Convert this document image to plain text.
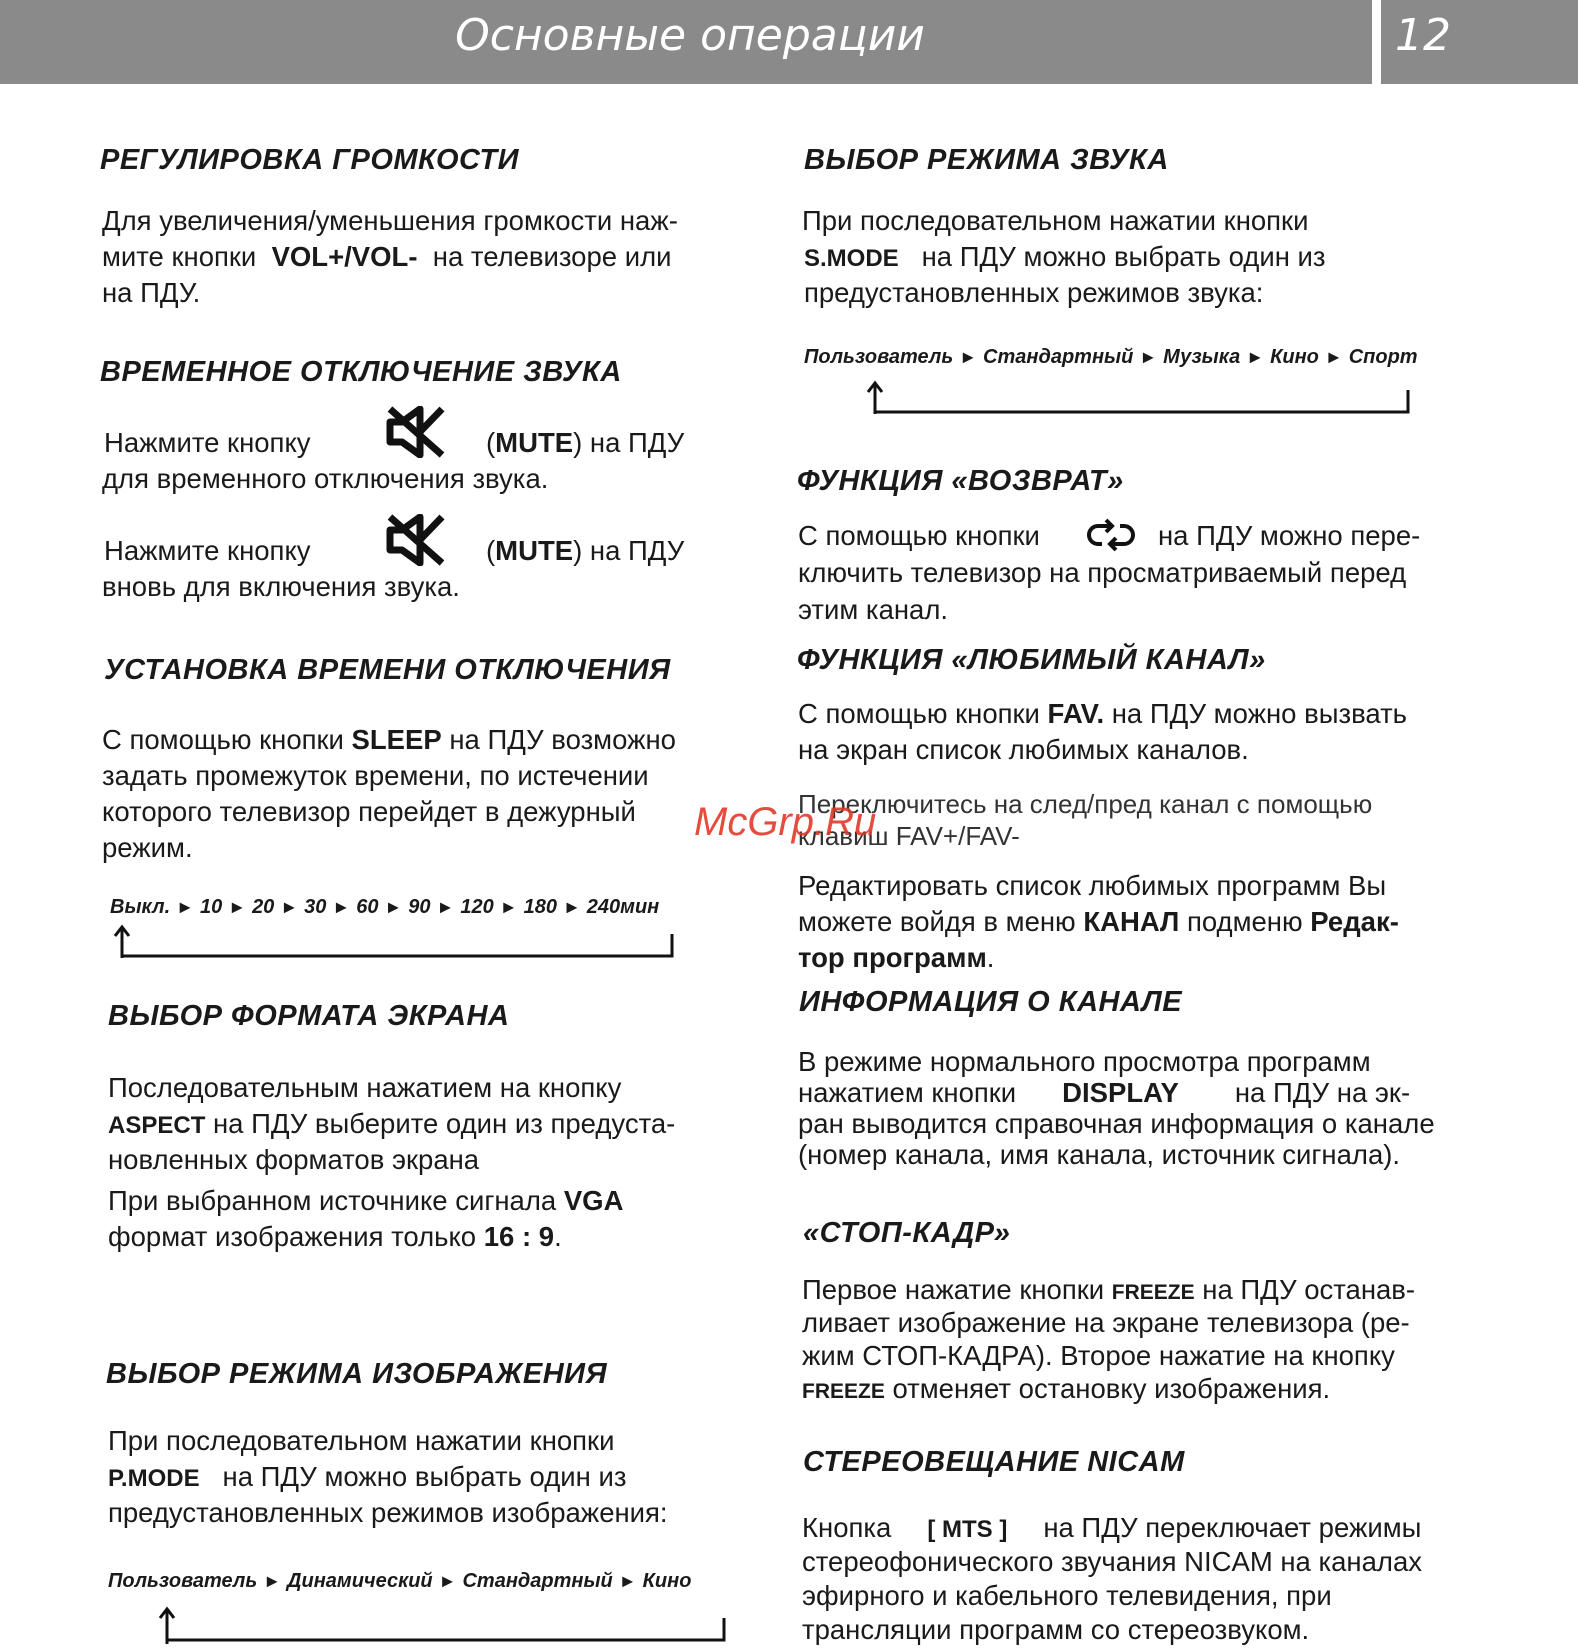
Основные операции	12
РЕГУЛИРОВКА ГРОМКОСТИ
Для увеличения/уменьшения громкости наж-
мите кнопки VOL+/VOL- на телевизоре или
на ПДУ.
ВРЕМЕННОЕ ОТКЛЮЧЕНИЕ ЗВУКА
Нажмите кнопку	(MUTE) на ПДУ
для временного отключения звука.
Нажмите кнопку	(MUTE) на ПДУ
вновь для включения звука.
УСТАНОВКА ВРЕМЕНИ ОТКЛЮЧЕНИЯ
С помощью кнопки SLEEP на ПДУ возможно
задать промежуток времени, по истечении
которого телевизор перейдет в дежурный
режим.
Выкл. ► 10 ► 20 ► 30 ► 60 ► 90 ► 120 ► 180 ► 240мин
ВЫБОР ФОРМАТА ЭКРАНА
Последовательным нажатием на кнопку
ASPECT на ПДУ выберите один из предуста-
новленных форматов экрана
При выбранном источнике сигнала VGA
формат изображения только 16 : 9.
ВЫБОР РЕЖИМА ИЗОБРАЖЕНИЯ
При последовательном нажатии кнопки
P.MODE на ПДУ можно выбрать один из
предустановленных режимов изображения:
Пользователь ► Динамический ► Стандартный ► Кино
ВЫБОР РЕЖИМА ЗВУКА
При последовательном нажатии кнопки
S.MODE на ПДУ можно выбрать один из
предустановленных режимов звука:
Пользователь ► Стандартный ► Музыка ► Кино ► Спорт
ФУНКЦИЯ «ВОЗВРАТ»
С помощью кнопки	на ПДУ можно пере-
ключить телевизор на просматриваемый перед
этим канал.
ФУНКЦИЯ «ЛЮБИМЫЙ КАНАЛ»
С помощью кнопки FAV. на ПДУ можно вызвать
на экран список любимых каналов.
Переключитесь на след/пред канал с помощью
клавиш FAV+/FAV-
Редактировать список любимых программ Вы
можете войдя в меню КАНАЛ подменю Редак-
тор программ.
ИНФОРМАЦИЯ О КАНАЛЕ
В режиме нормального просмотра программ
нажатием кнопки DISPLAY на ПДУ на эк-
ран выводится справочная информация о канале
(номер канала, имя канала, источник сигнала).
«СТОП-КАДР»
Первое нажатие кнопки FREEZE на ПДУ останав-
ливает изображение на экране телевизора (ре-
жим СТОП-КАДРА). Второе нажатие на кнопку
FREEZE отменяет остановку изображения.
СТЕРЕОВЕЩАНИЕ NICAM
Кнопка [ MTS ] на ПДУ переключает режимы
стереофонического звучания NICAM на каналах
эфирного и кабельного телевидения, при
трансляции программ со стереозвуком.
McGrp.Ru
